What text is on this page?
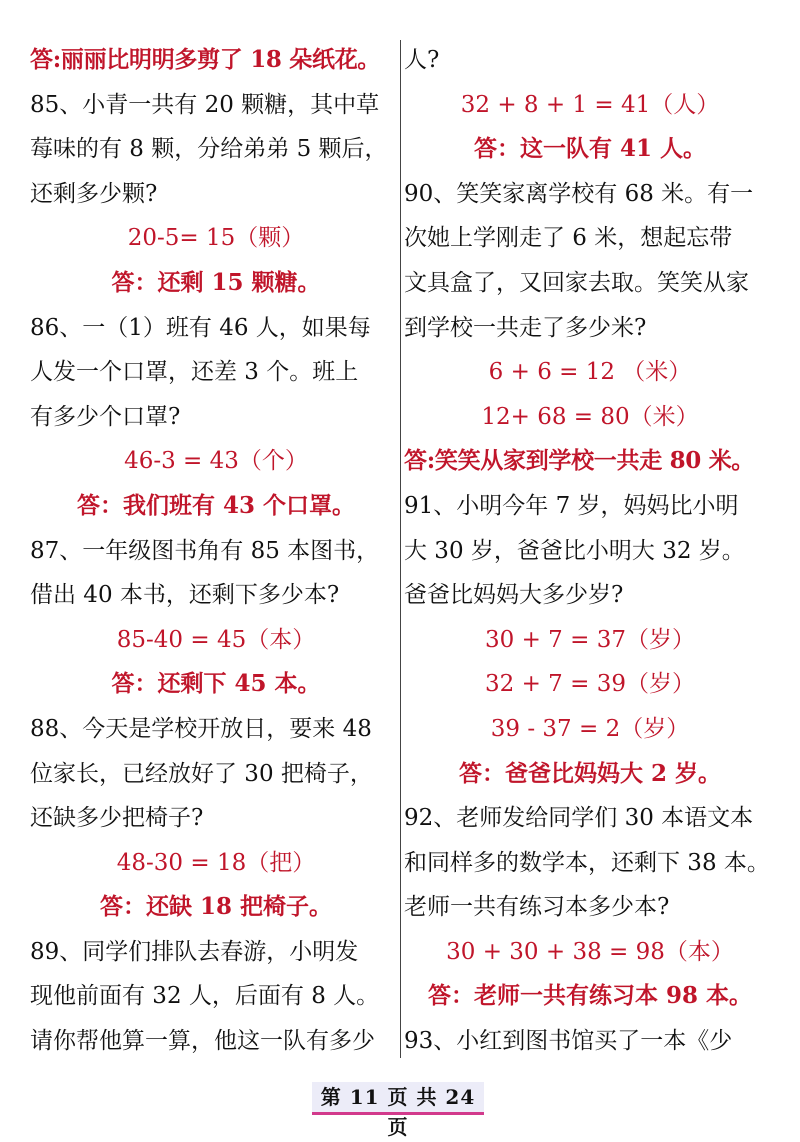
答:丽丽比明明多剪了 18 朵纸花。
85、小青一共有 20 颗糖，其中草
莓味的有 8 颗，分给弟弟 5 颗后，
还剩多少颗?
20-5= 15（颗）
答：还剩 15 颗糖。
86、一（1）班有 46 人，如果每
人发一个口罩，还差 3 个。班上
有多少个口罩?
46-3 = 43（个）
答：我们班有 43 个口罩。
87、一年级图书角有 85 本图书，
借出 40 本书，还剩下多少本?
85-40 = 45（本）
答：还剩下 45 本。
88、今天是学校开放日，要来 48
位家长，已经放好了 30 把椅子，
还缺多少把椅子?
48-30 = 18（把）
答：还缺 18 把椅子。
89、同学们排队去春游，小明发
现他前面有 32 人，后面有 8 人。
请你帮他算一算，他这一队有多少
人?
32 + 8 + 1 = 41（人）
答：这一队有 41 人。
90、笑笑家离学校有 68 米。有一
次她上学刚走了 6 米，想起忘带
文具盒了，又回家去取。笑笑从家
到学校一共走了多少米?
6 + 6 = 12 （米）
12+ 68 = 80（米）
答:笑笑从家到学校一共走 80 米。
91、小明今年 7 岁，妈妈比小明
大 30 岁，爸爸比小明大 32 岁。
爸爸比妈妈大多少岁?
30 + 7 = 37（岁）
32 + 7 = 39（岁）
39 - 37 = 2（岁）
答：爸爸比妈妈大 2 岁。
92、老师发给同学们 30 本语文本
和同样多的数学本，还剩下 38 本。
老师一共有练习本多少本?
30 + 30 + 38 = 98（本）
答：老师一共有练习本 98 本。
93、小红到图书馆买了一本《少
第 11 页 共 24 页
